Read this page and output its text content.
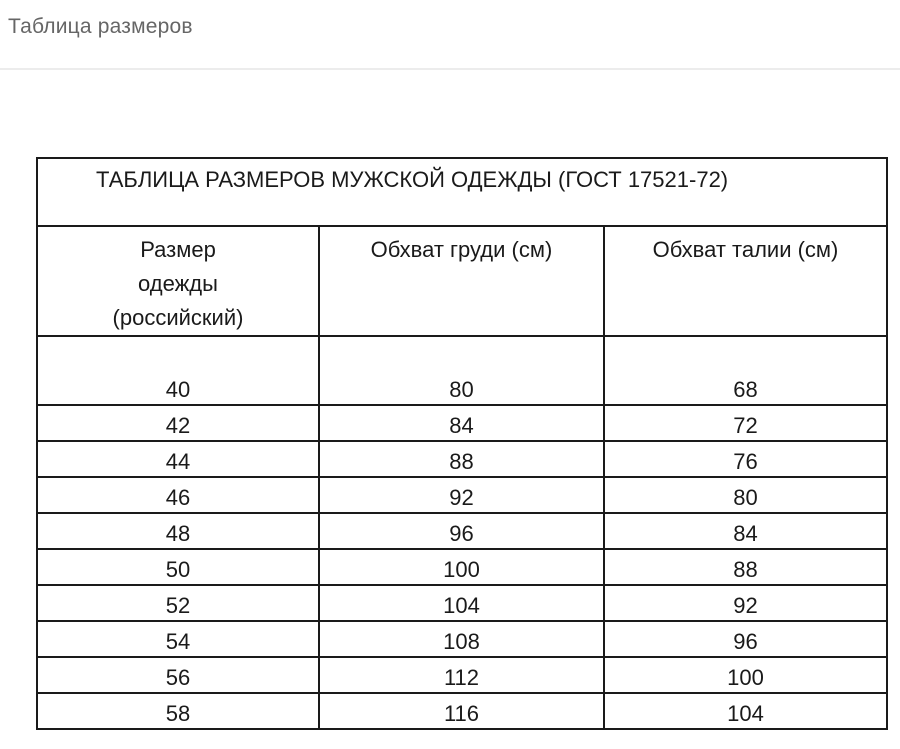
Таблица размеров
ТАБЛИЦА РАЗМЕРОВ МУЖСКОЙ ОДЕЖДЫ (ГОСТ 17521-72)		

Размер одежды (российский)	Обхват груди (см)	Обхват талии (см)

40	80	68
42	84	72
44	88	76
46	92	80
48	96	84
50	100	88
52	104	92
54	108	96
56	112	100
58	116	104
